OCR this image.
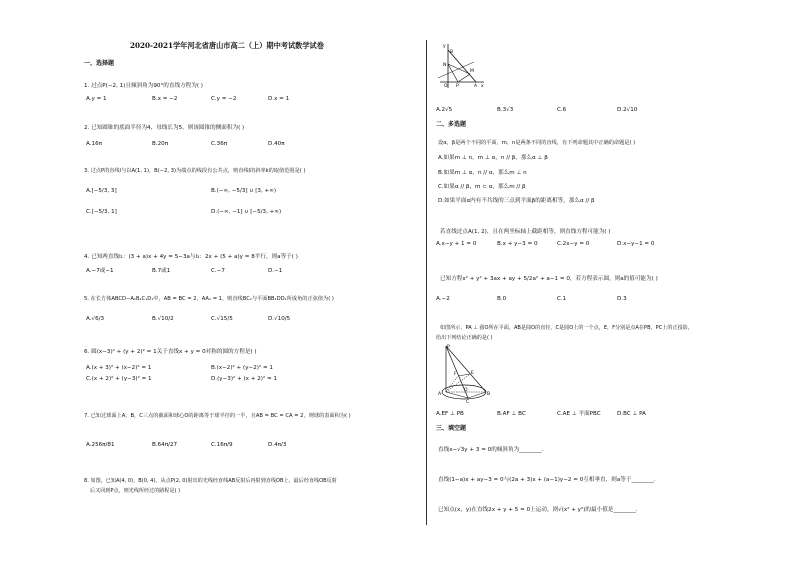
2020-2021学年河北省唐山市高二（上）期中考试数学试卷
一、选择题
1. 过点P(−2, 1)且倾斜角为90°的直线方程为( )
A.y = 1	B.x = −2	C.y = −2	D.x = 1
2. 已知圆锥的底面半径为4，母线长为5，则该圆锥的侧面积为( )
A.16π	B.20π	C.36π	D.40π
3. 过点P的直线l与以A(1, 1)，B(−2, 3)为端点的线段有公共点，则直线l的斜率k的取值范围是( )
A.[−5/3, 3]	B.(−∞, −5/3] ∪ [3, +∞)
C.[−5/3, 1]	D.(−∞, −1] ∪ [−5/3, +∞)
4. 已知两直线l₁：(3 + a)x + 4y = 5−3a与l₂：2x + (5 + a)y = 8平行，则a等于( )
A.−7或−1	B.7或1	C.−7	D.−1
5. 在长方体ABCD−A₁B₁C₁D₁中，AB = BC = 2，AA₁ = 1，则直线BC₁与平面BB₁DD₁所成角的正弦值为( )
A.√6/3	B.√10/2	C.√15/5	D.√10/5
6. 圆(x−3)² + (y + 2)² = 1关于直线x + y = 0对称的圆的方程是( )
A.(x + 3)² + (x−2)² = 1	B.(x−2)² + (y−2)² = 1
C.(x + 2)² + (y−3)² = 1	D.(y−3)² + (x + 2)² = 1
7. 已知过球面上A，B，C三点的截面和球心O的距离等于球半径的一半，且AB = BC = CA = 2，则球的表面积为( )
A.256π/81	B.64π/27	C.16π/9	D.4π/3
8. 如图，已知A(4, 0)，B(0, 4)，从点P(2, 0)射出的光线经直线AB反射后再射到直线OB上，最后经直线OB反射
后又回到P点，则光线所经过的路程是( )
y
B
M
N
O P	A x
A.2√5	B.3√3	C.6	D.2√10
二、多选题
设α，β是两个不同的平面，m，n是两条不同的直线，有下列命题其中正确的命题是( )
A.如果m ⊥ n，m ⊥ α，n // β，那么α ⊥ β
B.如果m ⊥ α，n // α，那么m ⊥ n
C.如果α // β，m ⊂ α，那么m // β
D.如果平面α内有不共线的三点到平面β的距离相等，那么α // β
若直线过点A(1, 2)，且在两坐标轴上截距相等，则直线方程可能为( )
A.x−y + 1 = 0	B.x + y−3 = 0	C.2x−y = 0	D.x−y−1 = 0
已知方程x² + y² + 3ax + ay + 5/2a² + a−1 = 0，若方程表示圆，则a的值可能为( )
A.−2	B.0	C.1	D.3
如图所示，PA ⊥ 圆O所在平面，AB是圆O的直径，C是圆O上的一个点，E，F分别是点A在PB，PC上的正投影，
给出下列结论正确的是( )
P
E
F
A
C
O
B
A.EF ⊥ PB	B.AF ⊥ BC	C.AE ⊥ 平面PBC	D.BC ⊥ PA
三、填空题
直线x−√3y + 3 = 0的倾斜角为________．
直线(1−a)x + ay−3 = 0与(2a + 3)x + (a−1)y−2 = 0互相垂直，则a等于________．
已知点(x，y)在直线2x + y + 5 = 0上运动，则√(x² + y²)的最小值是________．
